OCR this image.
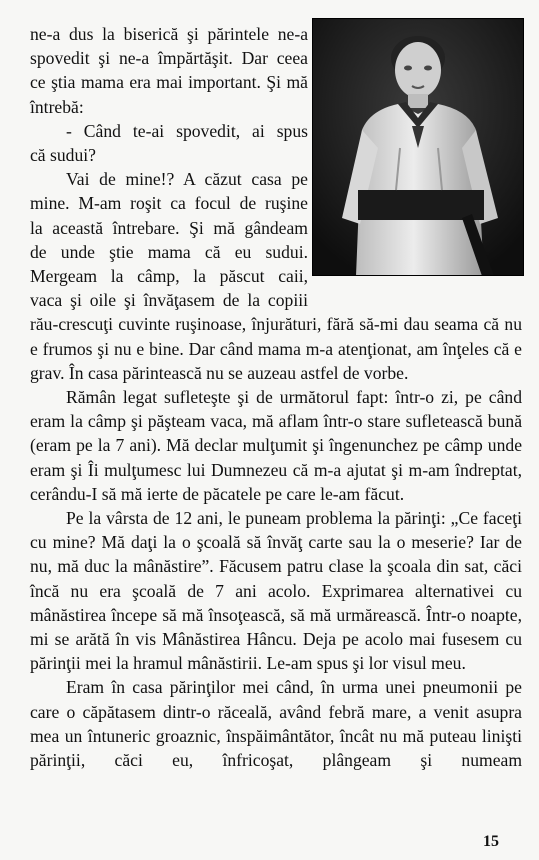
ne-a dus la biserică şi părintele ne-a
spovedit şi ne-a împărtăşit. Dar ceea
ce ştia mama era mai important. Şi mă
întrebă:
- Când te-ai spovedit, ai spus
că sudui?
Vai de mine!? A căzut casa pe
mine. M-am roşit ca focul de ruşine
la această întrebare. Şi mă gândeam
de unde ştie mama că eu sudui.
Mergeam la câmp, la păscut caii,
vaca şi oile şi învăţasem de la copiii

rău-crescuţi cuvinte ruşinoase, înjurături, fără să-mi dau seama că nu e frumos şi nu e bine. Dar când mama m-a atenţionat, am înţeles că e grav. În casa părintească nu se auzeau astfel de vorbe.

Rămân legat sufleteşte şi de următorul fapt: într-o zi, pe când eram la câmp şi păşteam vaca, mă aflam într-o stare sufletească bună (eram pe la 7 ani). Mă declar mulţumit şi îngenunchez pe câmp unde eram şi Îi mulţumesc lui Dumnezeu că m-a ajutat şi m-am îndreptat, cerându-I să mă ierte de păcatele pe care le-am făcut.

Pe la vârsta de 12 ani, le puneam problema la părinţi: „Ce faceţi cu mine? Mă daţi la o şcoală să învăţ carte sau la o meserie? Iar de nu, mă duc la mânăstire”. Făcusem patru clase la şcoala din sat, căci încă nu era şcoală de 7 ani acolo. Exprimarea alternativei cu mânăstirea începe să mă însoţească, să mă urmărească. Într-o noapte, mi se arătă în vis Mânăstirea Hâncu. Deja pe acolo mai fusesem cu părinţii mei la hramul mânăstirii. Le-am spus şi lor visul meu.

Eram în casa părinţilor mei când, în urma unei pneumonii pe care o căpătasem dintr-o răceală, având febră mare, a venit asupra mea un întuneric groaznic, înspăimântător, încât nu mă puteau linişti părinţii, căci eu, înfricoşat, plângeam şi numeam

15
